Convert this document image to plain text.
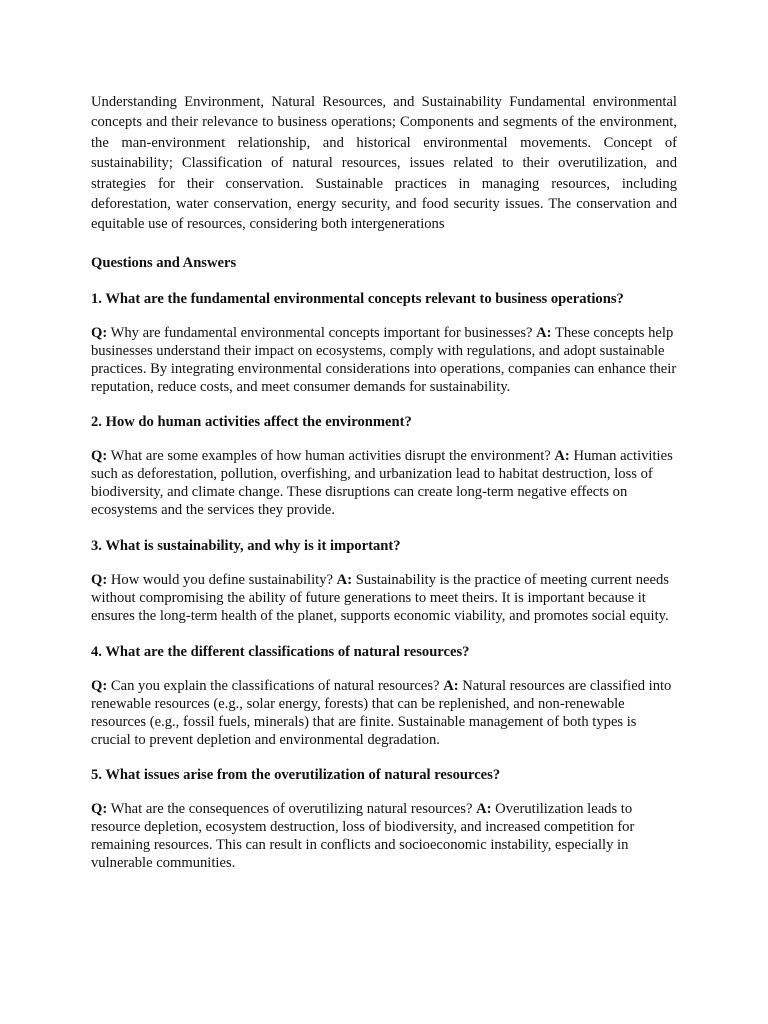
Understanding Environment, Natural Resources, and Sustainability Fundamental environmental concepts and their relevance to business operations; Components and segments of the environment, the man-environment relationship, and historical environmental movements. Concept of sustainability; Classification of natural resources, issues related to their overutilization, and strategies for their conservation. Sustainable practices in managing resources, including deforestation, water conservation, energy security, and food security issues. The conservation and equitable use of resources, considering both intergenerations

Questions and Answers
1. What are the fundamental environmental concepts relevant to business operations?

Q: Why are fundamental environmental concepts important for businesses? A: These concepts help businesses understand their impact on ecosystems, comply with regulations, and adopt sustainable practices. By integrating environmental considerations into operations, companies can enhance their reputation, reduce costs, and meet consumer demands for sustainability.

2. How do human activities affect the environment?

Q: What are some examples of how human activities disrupt the environment? A: Human activities such as deforestation, pollution, overfishing, and urbanization lead to habitat destruction, loss of biodiversity, and climate change. These disruptions can create long-term negative effects on ecosystems and the services they provide.

3. What is sustainability, and why is it important?

Q: How would you define sustainability? A: Sustainability is the practice of meeting current needs without compromising the ability of future generations to meet theirs. It is important because it ensures the long-term health of the planet, supports economic viability, and promotes social equity.

4. What are the different classifications of natural resources?

Q: Can you explain the classifications of natural resources? A: Natural resources are classified into renewable resources (e.g., solar energy, forests) that can be replenished, and non-renewable resources (e.g., fossil fuels, minerals) that are finite. Sustainable management of both types is crucial to prevent depletion and environmental degradation.

5. What issues arise from the overutilization of natural resources?

Q: What are the consequences of overutilizing natural resources? A: Overutilization leads to resource depletion, ecosystem destruction, loss of biodiversity, and increased competition for remaining resources. This can result in conflicts and socioeconomic instability, especially in vulnerable communities.
